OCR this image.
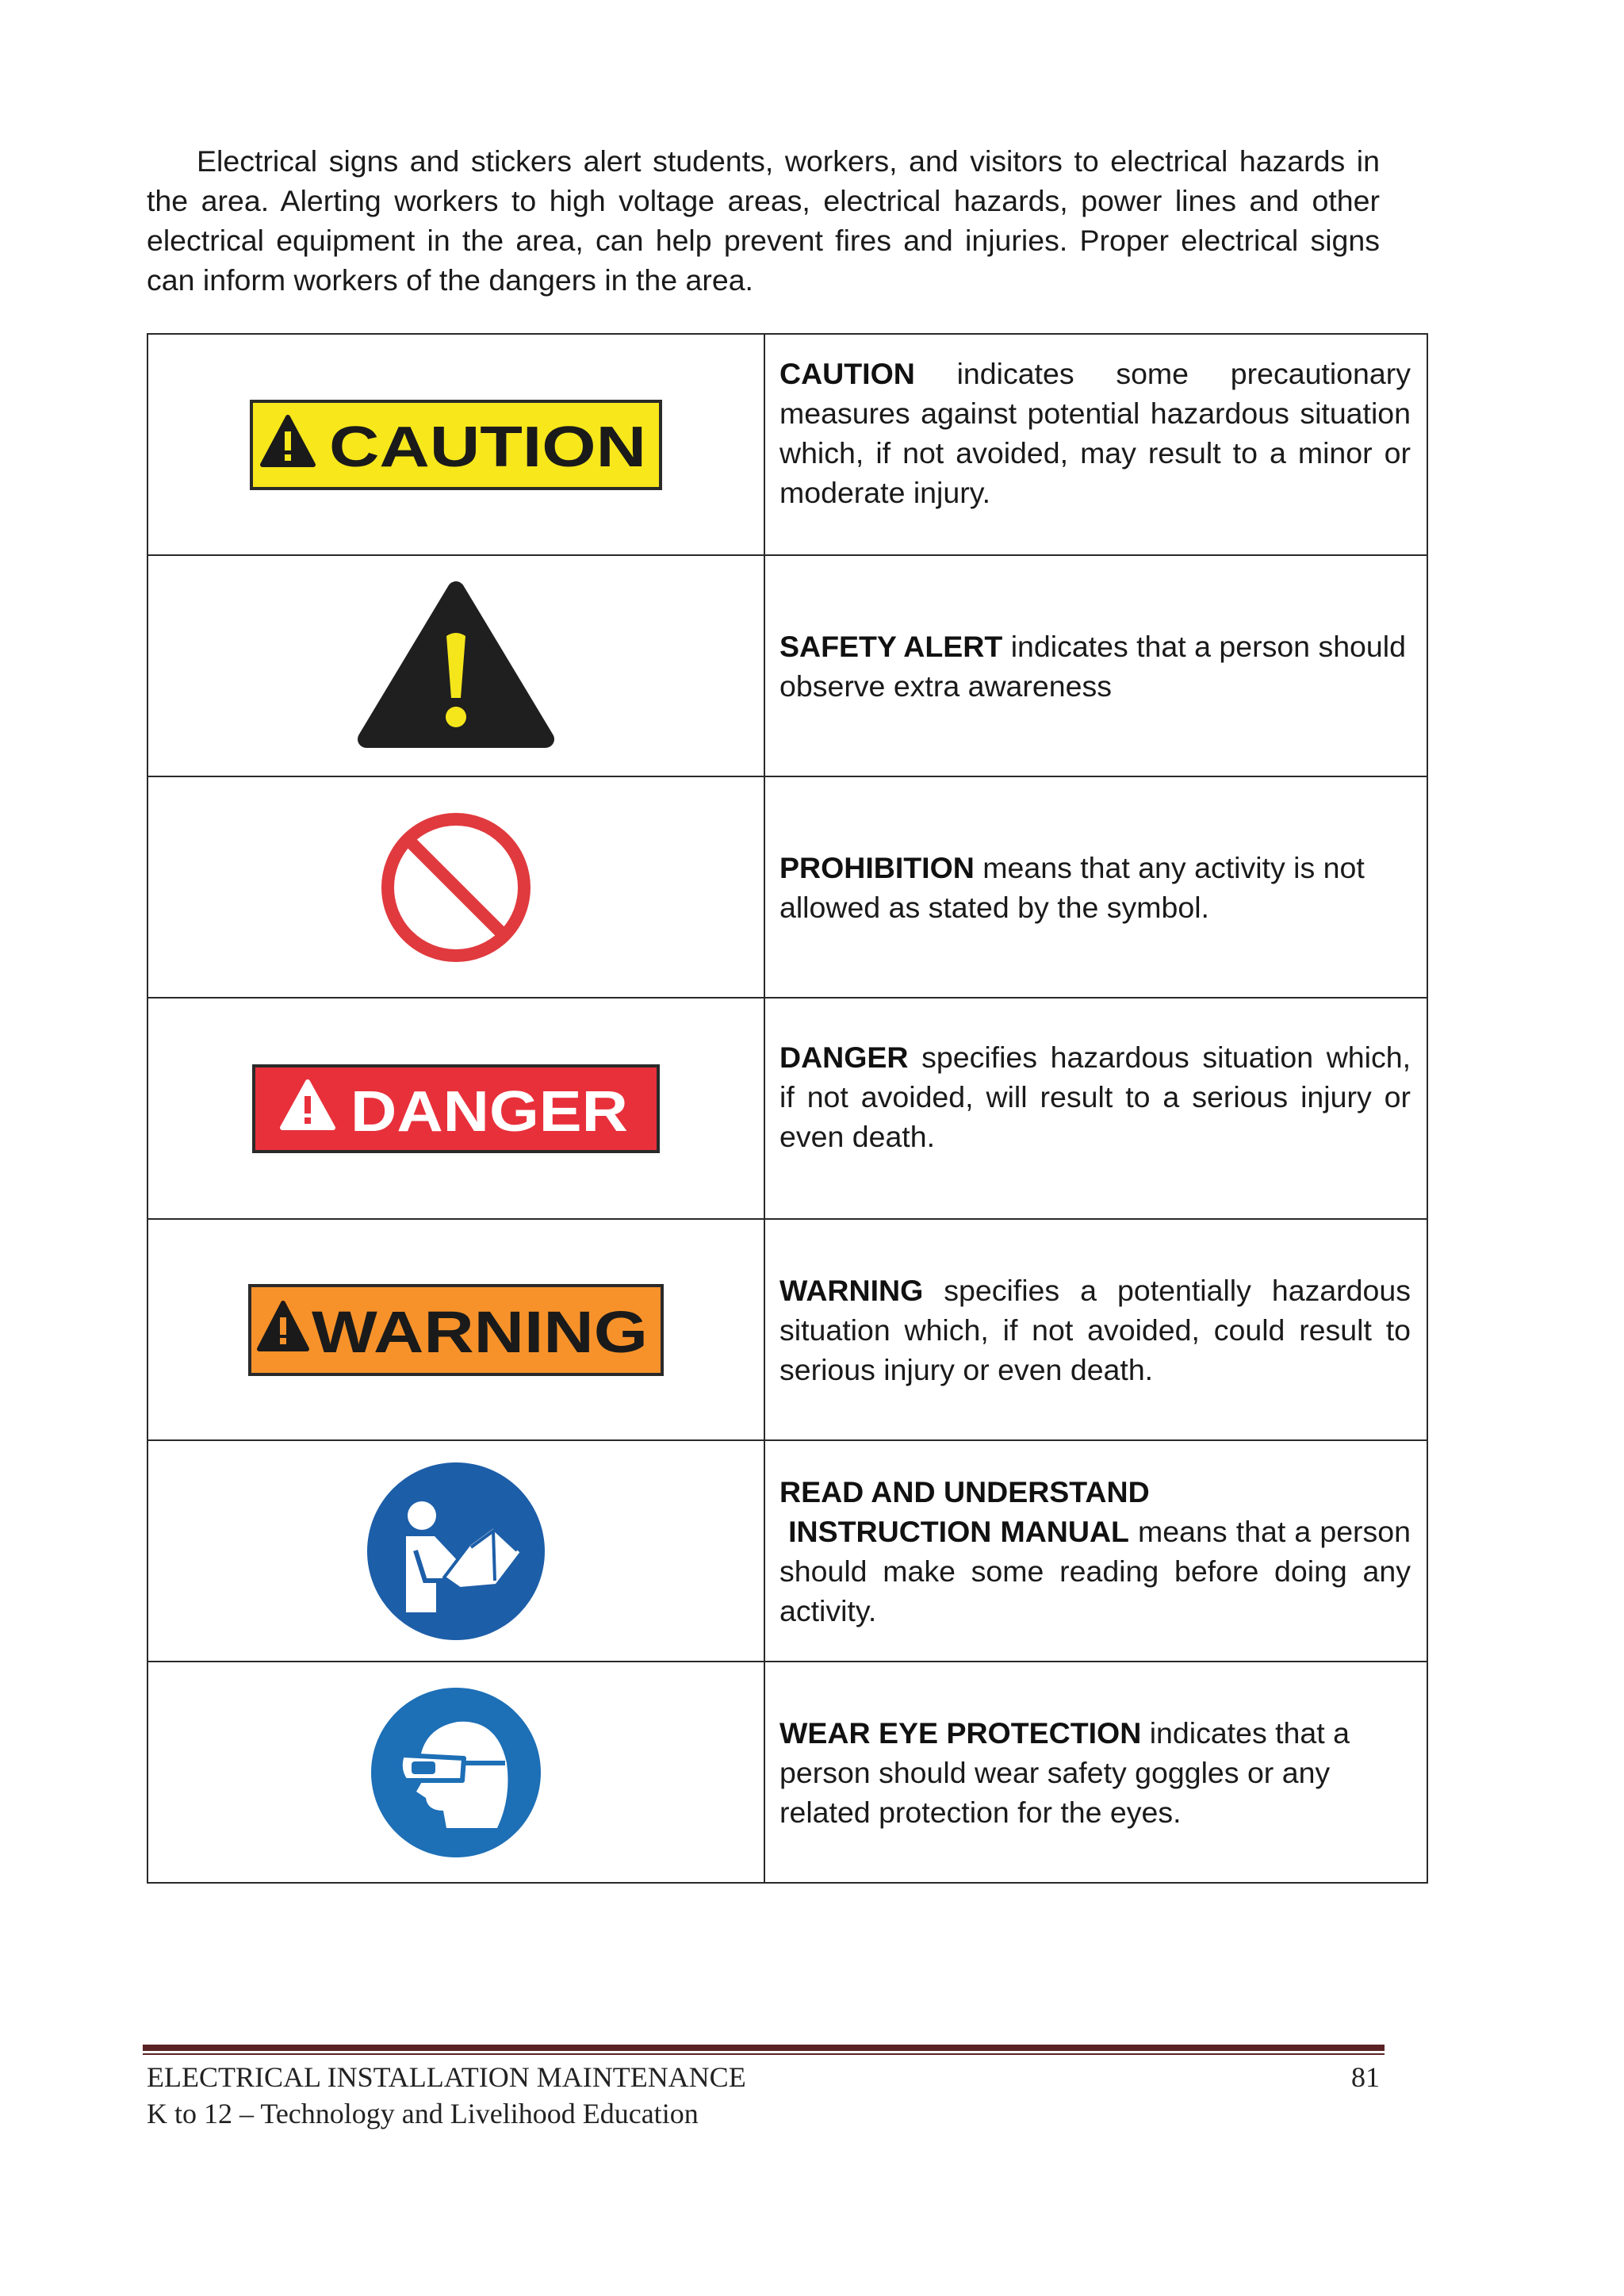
Electrical signs and stickers alert students, workers, and visitors to electrical hazards in the area. Alerting workers to high voltage areas, electrical hazards, power lines and other electrical equipment in the area, can help prevent fires and injuries. Proper electrical signs can inform workers of the dangers in the area.

CAUTION	CAUTION indicates some precautionary measures against potential hazardous situation which, if not avoided, may result to a minor or moderate injury.

SAFETY ALERT indicates that a person should observe extra awareness

PROHIBITION means that any activity is not allowed as stated by the symbol.

DANGER	DANGER specifies hazardous situation which, if not avoided, will result to a serious injury or even death.

WARNING	WARNING specifies a potentially hazardous situation which, if not avoided, could result to serious injury or even death.

READ AND UNDERSTAND
INSTRUCTION MANUAL means that a person should make some reading before doing any activity.

WEAR EYE PROTECTION indicates that a person should wear safety goggles or any related protection for the eyes.

ELECTRICAL INSTALLATION MAINTENANCE	81
K to 12 – Technology and Livelihood Education
